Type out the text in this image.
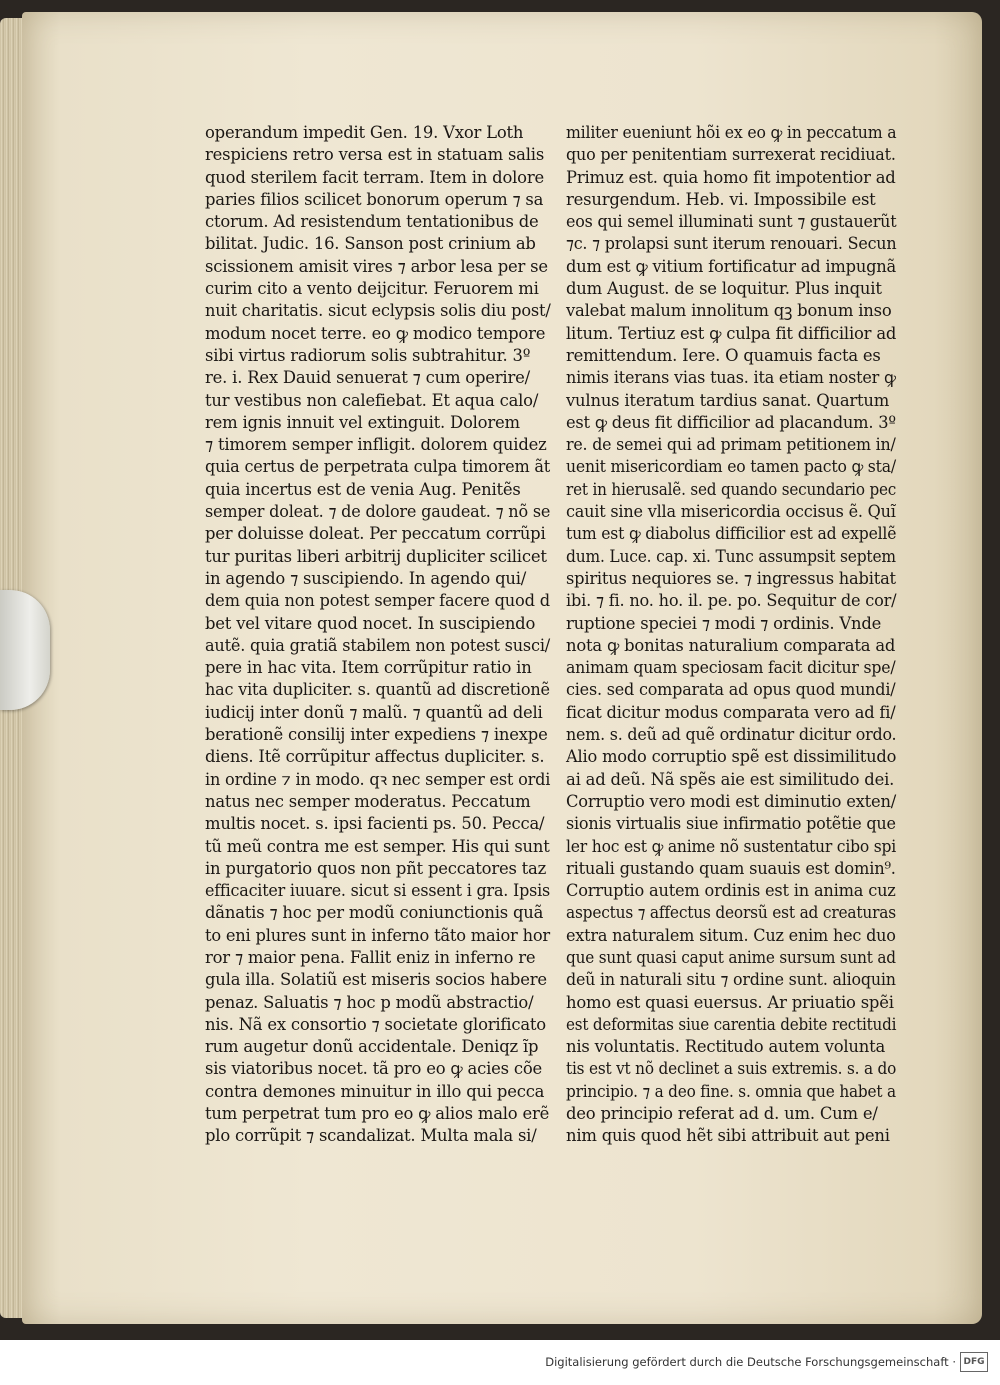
operandum impedit Gen. 19. Vxor Loth
respiciens retro versa est in statuam salis
quod sterilem facit terram. Item in dolore
paries filios scilicet bonorum operum ⁊ sa
ctorum. Ad resistendum tentationibus de
bilitat. Judic. 16. Sanson post crinium ab
scissionem amisit vires ⁊ arbor lesa per se
curim cito a vento deijcitur. Feruorem mi
nuit charitatis. sicut eclypsis solis diu post/
modum nocet terre. eo ꝙ modico tempore
sibi virtus radiorum solis subtrahitur. 3º
re. i. Rex Dauid senuerat ⁊ cum operire/
tur vestibus non calefiebat. Et aqua calo/
rem ignis innuit vel extinguit. Dolorem
⁊ timorem semper infligit. dolorem quidez
quia certus de perpetrata culpa timorem ãt
quia incertus est de venia Aug. Penitẽs
semper doleat. ⁊ de dolore gaudeat. ⁊ nõ se
per doluisse doleat. Per peccatum corrũpi
tur puritas liberi arbitrij dupliciter scilicet
in agendo ⁊ suscipiendo. In agendo qui/
dem quia non potest semper facere quod d
bet vel vitare quod nocet. In suscipiendo
autẽ. quia gratiã stabilem non potest susci/
pere in hac vita. Item corrũpitur ratio in
hac vita dupliciter. s. quantũ ad discretionẽ
iudicij inter donũ ⁊ malũ. ⁊ quantũ ad deli
berationẽ consilij inter expediens ⁊ inexpe
diens. Itẽ corrũpitur affectus dupliciter. s.
in ordine ⁊ in modo. qꝛ nec semper est ordi
natus nec semper moderatus. Peccatum
multis nocet. s. ipsi facienti ps. 50. Pecca/
tũ meũ contra me est semper. His qui sunt
in purgatorio quos non pñt peccatores taz
efficaciter iuuare. sicut si essent i gra. Ipsis
dãnatis ⁊ hoc per modũ coniunctionis quã
to eni plures sunt in inferno tãto maior hor
ror ⁊ maior pena. Fallit eniz in inferno re
gula illa. Solatiũ est miseris socios habere
penaz. Saluatis ⁊ hoc p modũ abstractio/
nis. Nã ex consortio ⁊ societate glorificato
rum augetur donũ accidentale. Deniqz ĩp
sis viatoribus nocet. tã pro eo ꝙ acies cõe
contra demones minuitur in illo qui pecca
tum perpetrat tum pro eo ꝙ alios malo erẽ
plo corrũpit ⁊ scandalizat. Multa mala si/
militer eueniunt hõi ex eo ꝙ in peccatum a
quo per penitentiam surrexerat recidiuat.
Primuz est. quia homo fit impotentior ad
resurgendum. Heb. vi. Impossibile est
eos qui semel illuminati sunt ⁊ gustauerũt
⁊c. ⁊ prolapsi sunt iterum renouari. Secun
dum est ꝙ vitium fortificatur ad impugnã
dum August. de se loquitur. Plus inquit
valebat malum innolitum qꝫ bonum inso
litum. Tertiuz est ꝙ culpa fit difficilior ad
remittendum. Iere. O quamuis facta es
nimis iterans vias tuas. ita etiam noster ꝙ
vulnus iteratum tardius sanat. Quartum
est ꝙ deus fit difficilior ad placandum. 3º
re. de semei qui ad primam petitionem in/
uenit misericordiam eo tamen pacto ꝙ sta/
ret in hierusalẽ. sed quando secundario pec
cauit sine vlla misericordia occisus ẽ. Quĩ
tum est ꝙ diabolus difficilior est ad expellẽ
dum. Luce. cap. xi. Tunc assumpsit septem
spiritus nequiores se. ⁊ ingressus habitat
ibi. ⁊ fi. no. ho. il. pe. po. Sequitur de cor/
ruptione speciei ⁊ modi ⁊ ordinis. Vnde
nota ꝙ bonitas naturalium comparata ad
animam quam speciosam facit dicitur spe/
cies. sed comparata ad opus quod mundi/
ficat dicitur modus comparata vero ad fi/
nem. s. deũ ad quẽ ordinatur dicitur ordo.
Alio modo corruptio spẽ est dissimilitudo
ai ad deũ. Nã spẽs aie est similitudo dei.
Corruptio vero modi est diminutio exten/
sionis virtualis siue infirmatio potẽtie que
ler hoc est ꝙ anime nõ sustentatur cibo spi
rituali gustando quam suauis est domin⁹.
Corruptio autem ordinis est in anima cuz
aspectus ⁊ affectus deorsũ est ad creaturas
extra naturalem situm. Cuz enim hec duo
que sunt quasi caput anime sursum sunt ad
deũ in naturali situ ⁊ ordine sunt. alioquin
homo est quasi euersus. Ar priuatio spẽi
est deformitas siue carentia debite rectitudi
nis voluntatis. Rectitudo autem volunta
tis est vt nõ declinet a suis extremis. s. a do
principio. ⁊ a deo fine. s. omnia que habet a
deo principio referat ad d. um. Cum e/
nim quis quod hẽt sibi attribuit aut peni
Digitalisierung gefördert durch die Deutsche Forschungsgemeinschaft · DFG
